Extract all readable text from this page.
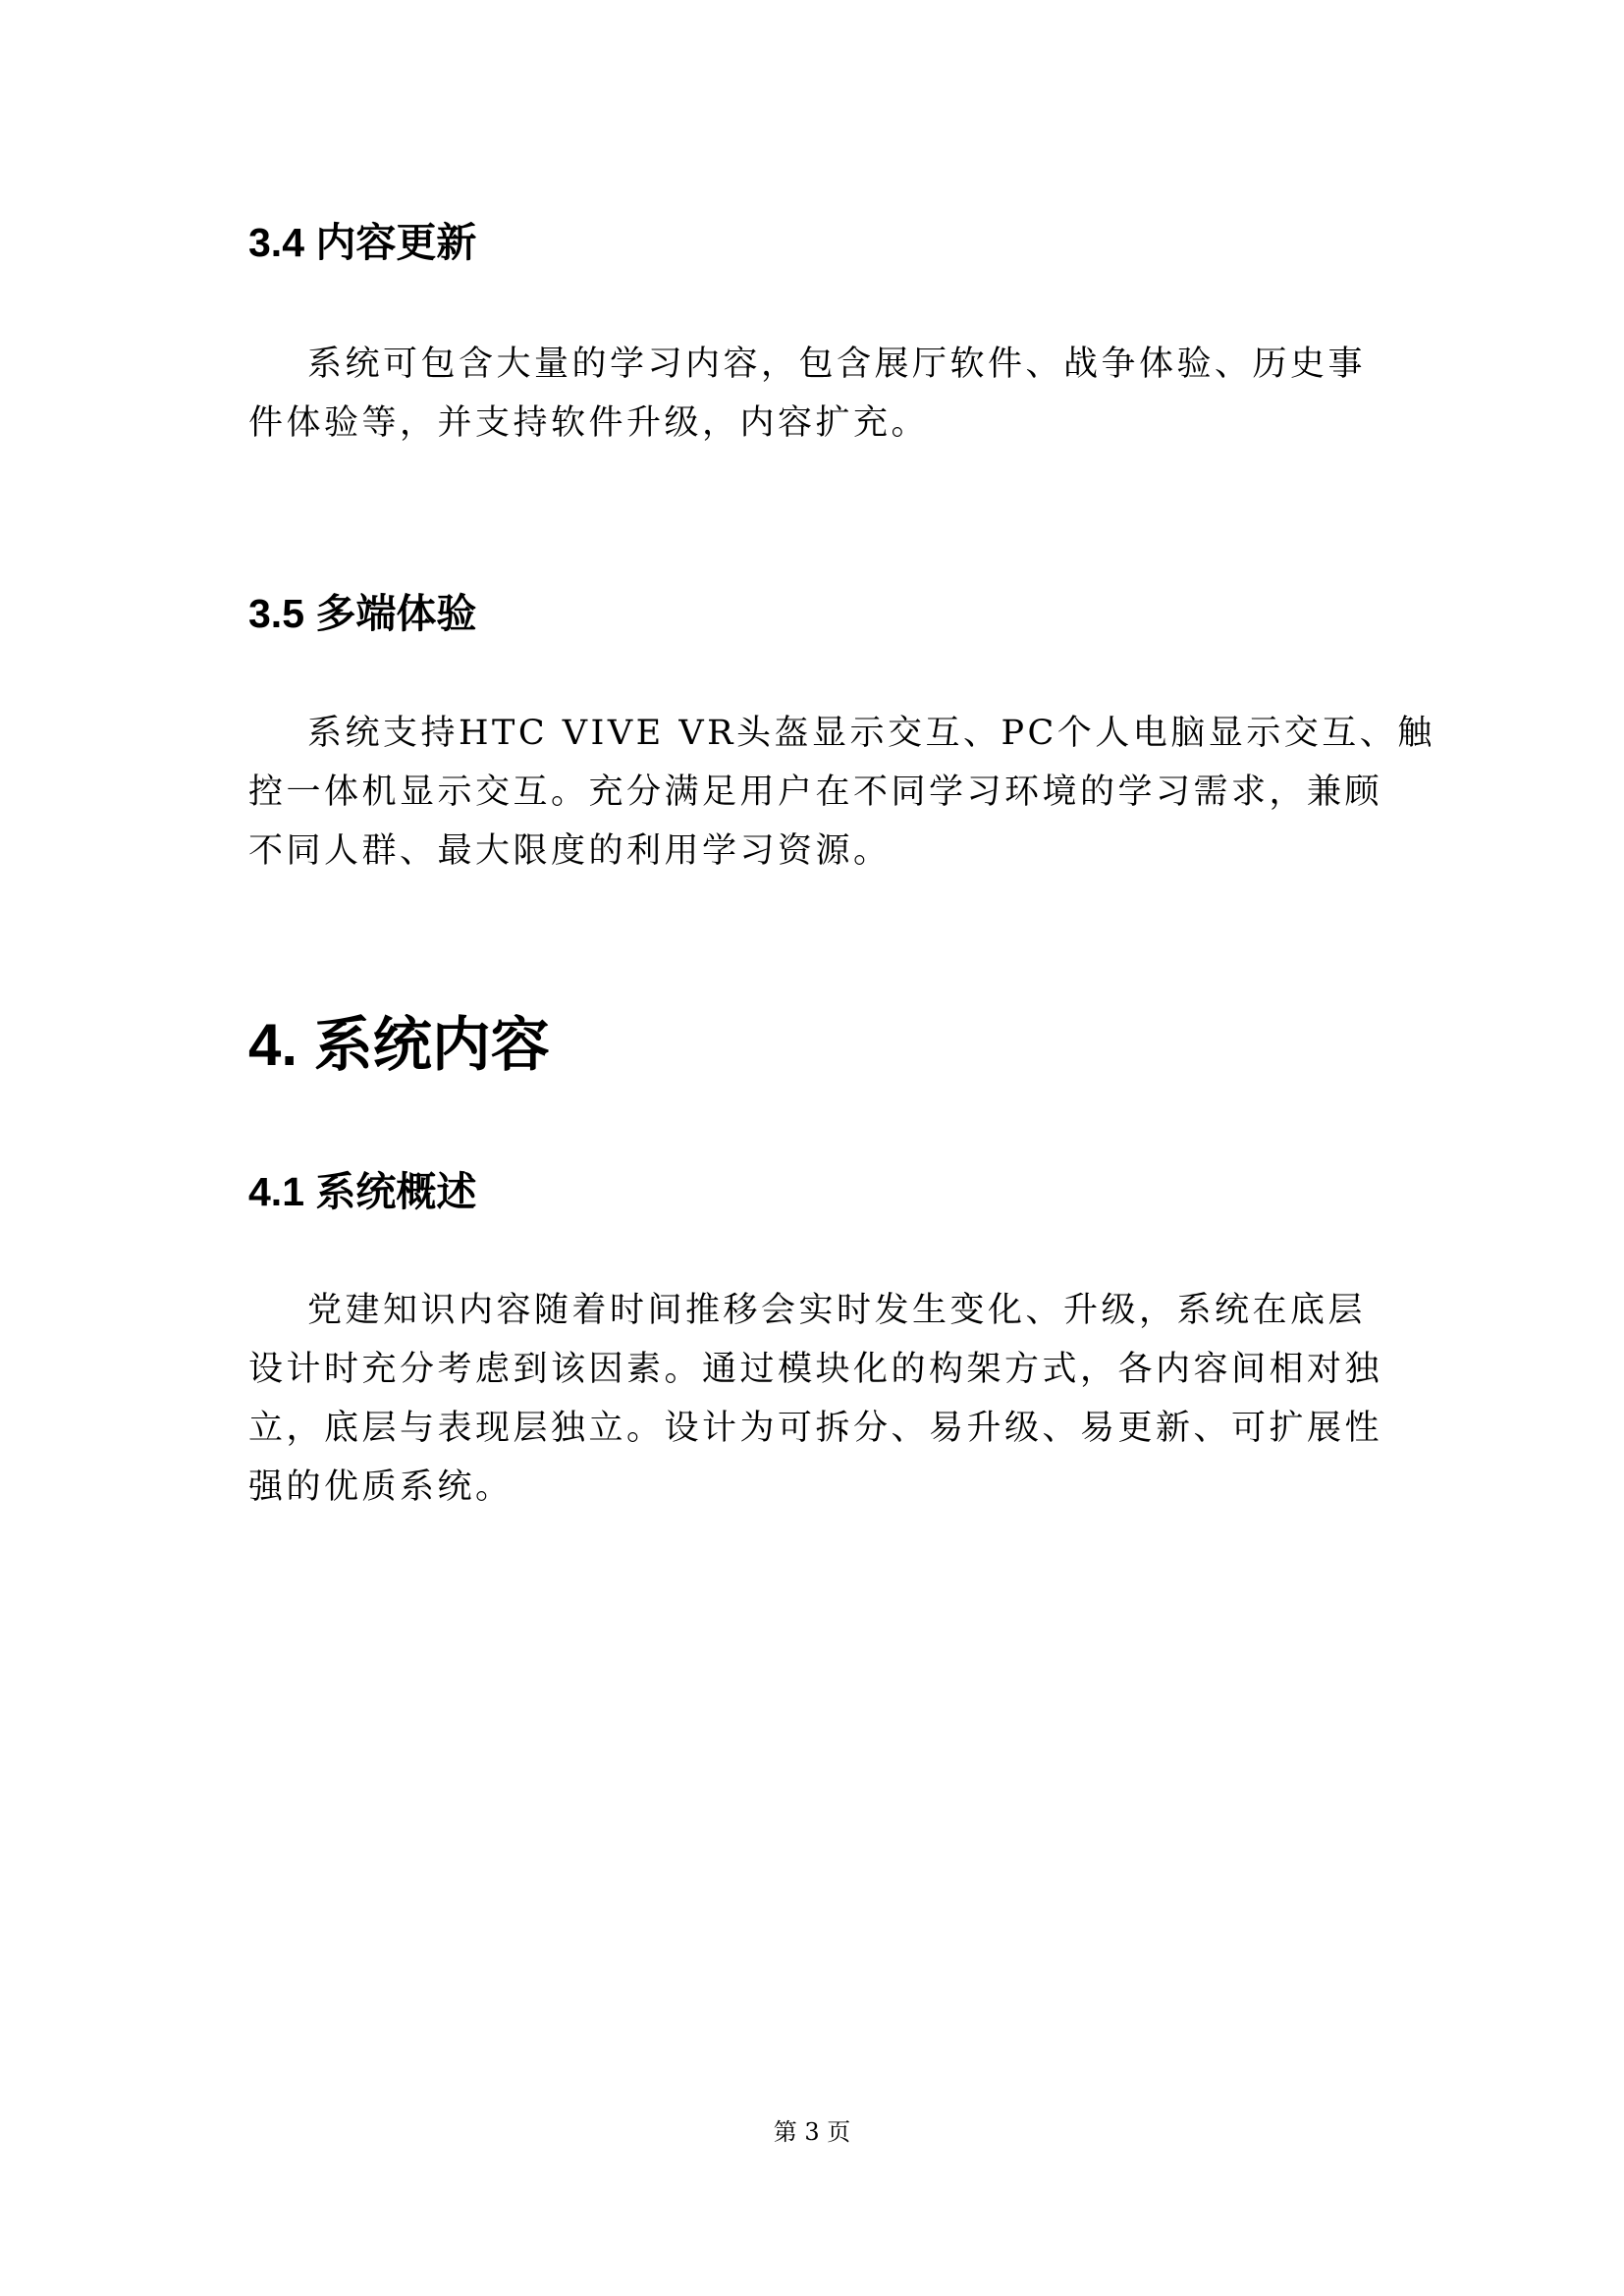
3.4 内容更新
系统可包含大量的学习内容，包含展厅软件、战争体验、历史事
件体验等，并支持软件升级，内容扩充。
3.5 多端体验
系统支持HTC VIVE VR头盔显示交互、PC个人电脑显示交互、触
控一体机显示交互。充分满足用户在不同学习环境的学习需求，兼顾
不同人群、最大限度的利用学习资源。
4. 系统内容
4.1 系统概述
党建知识内容随着时间推移会实时发生变化、升级，系统在底层
设计时充分考虑到该因素。通过模块化的构架方式，各内容间相对独
立，底层与表现层独立。设计为可拆分、易升级、易更新、可扩展性
强的优质系统。
第 3 页
